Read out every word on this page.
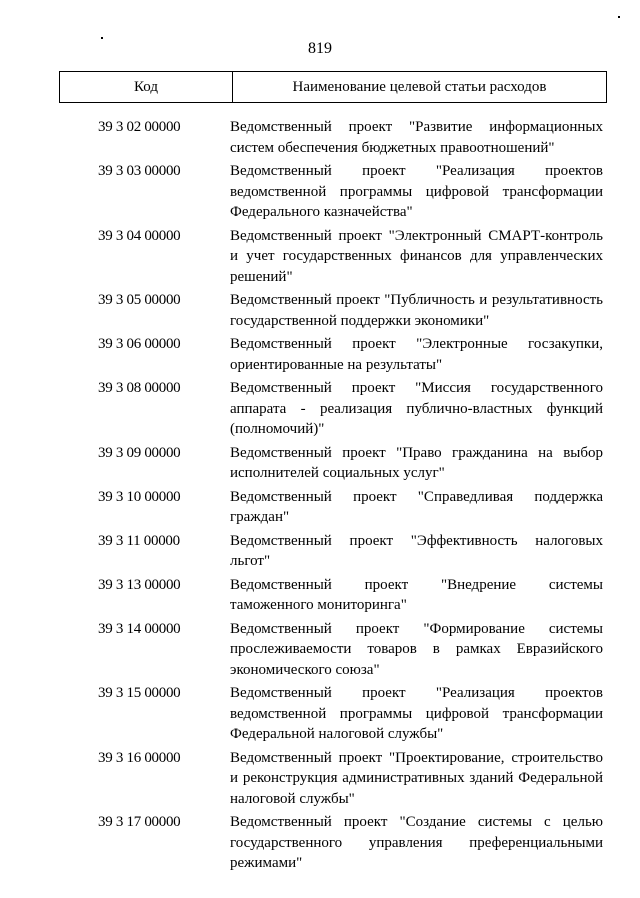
819
Код	Наименование целевой статьи расходов
39 3 02 00000	Ведомственный проект "Развитие информационных систем обеспечения бюджетных правоотношений"
39 3 03 00000	Ведомственный проект "Реализация проектов ведомственной программы цифровой трансформации Федерального казначейства"
39 3 04 00000	Ведомственный проект "Электронный СМАРТ-контроль и учет государственных финансов для управленческих решений"
39 3 05 00000	Ведомственный проект "Публичность и результативность государственной поддержки экономики"
39 3 06 00000	Ведомственный проект "Электронные госзакупки, ориентированные на результаты"
39 3 08 00000	Ведомственный проект "Миссия государственного аппарата - реализация публично-властных функций (полномочий)"
39 3 09 00000	Ведомственный проект "Право гражданина на выбор исполнителей социальных услуг"
39 3 10 00000	Ведомственный проект "Справедливая поддержка граждан"
39 3 11 00000	Ведомственный проект "Эффективность налоговых льгот"
39 3 13 00000	Ведомственный проект "Внедрение системы таможенного мониторинга"
39 3 14 00000	Ведомственный проект "Формирование системы прослеживаемости товаров в рамках Евразийского экономического союза"
39 3 15 00000	Ведомственный проект "Реализация проектов ведомственной программы цифровой трансформации Федеральной налоговой службы"
39 3 16 00000	Ведомственный проект "Проектирование, строительство и реконструкция административных зданий Федеральной налоговой службы"
39 3 17 00000	Ведомственный проект "Создание системы с целью государственного управления преференциальными режимами"
